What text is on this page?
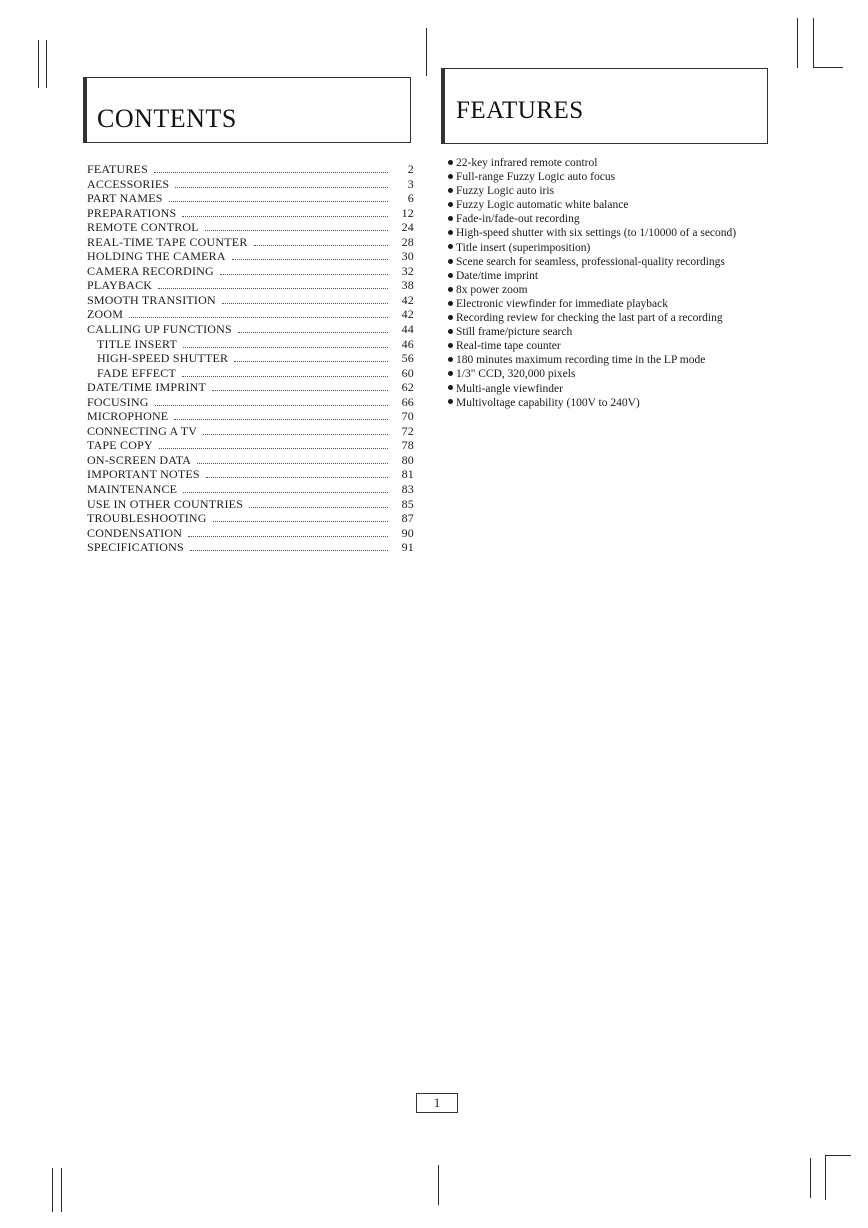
CONTENTS	FEATURES
FEATURES	2
ACCESSORIES	3
PART NAMES	6
PREPARATIONS	12
REMOTE CONTROL	24
REAL-TIME TAPE COUNTER	28
HOLDING THE CAMERA	30
CAMERA RECORDING	32
PLAYBACK	38
SMOOTH TRANSITION	42
ZOOM	42
CALLING UP FUNCTIONS	44
TITLE INSERT	46
HIGH-SPEED SHUTTER	56
FADE EFFECT	60
DATE/TIME IMPRINT	62
FOCUSING	66
MICROPHONE	70
CONNECTING A TV	72
TAPE COPY	78
ON-SCREEN DATA	80
IMPORTANT NOTES	81
MAINTENANCE	83
USE IN OTHER COUNTRIES	85
TROUBLESHOOTING	87
CONDENSATION	90
SPECIFICATIONS	91
22-key infrared remote control
Full-range Fuzzy Logic auto focus
Fuzzy Logic auto iris
Fuzzy Logic automatic white balance
Fade-in/fade-out recording
High-speed shutter with six settings (to 1/10000 of a second)
Title insert (superimposition)
Scene search for seamless, professional-quality recordings
Date/time imprint
8x power zoom
Electronic viewfinder for immediate playback
Recording review for checking the last part of a recording
Still frame/picture search
Real-time tape counter
180 minutes maximum recording time in the LP mode
1/3" CCD, 320,000 pixels
Multi-angle viewfinder
Multivoltage capability (100V to 240V)
1
